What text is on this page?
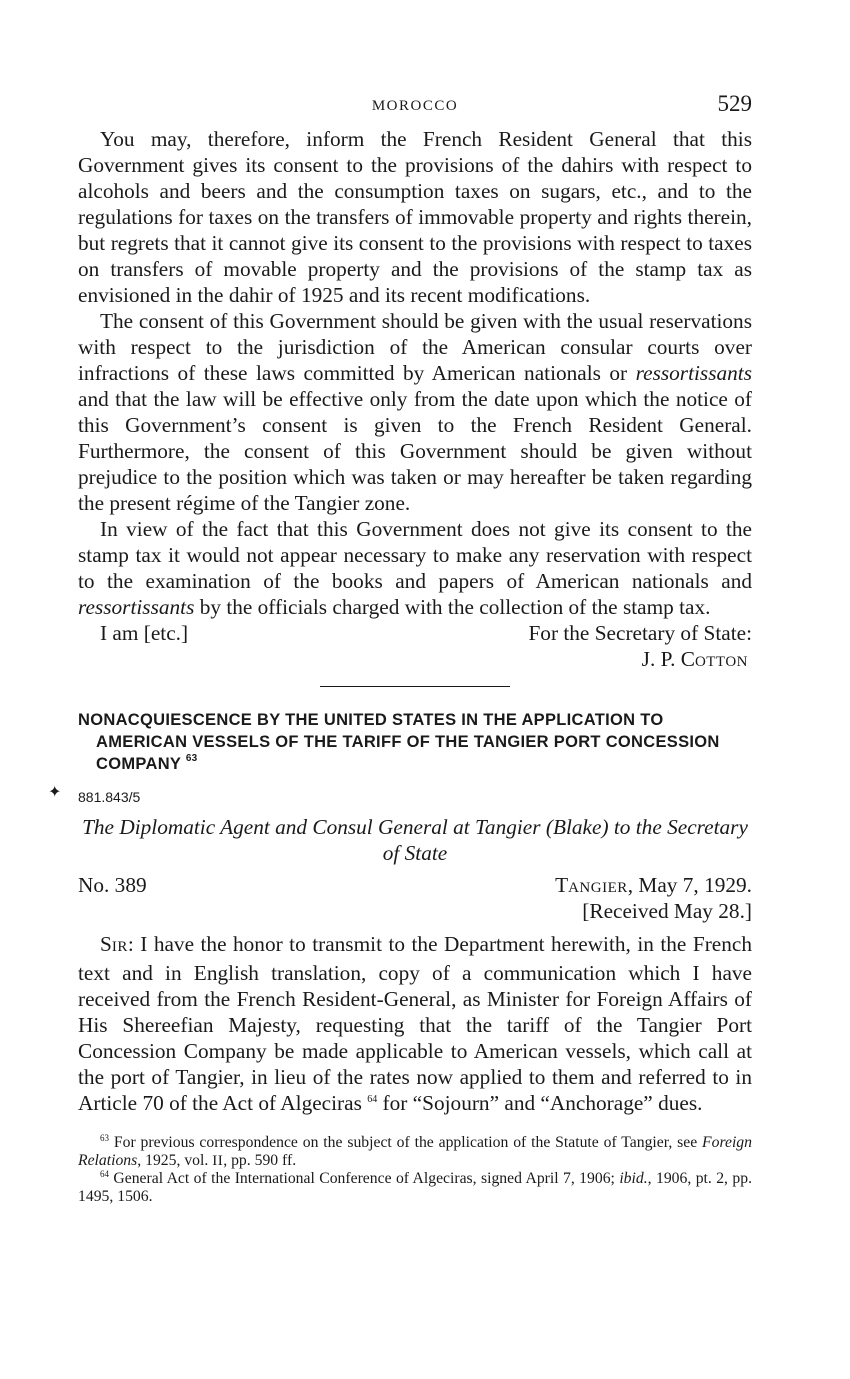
MOROCCO	529

You may, therefore, inform the French Resident General that this Government gives its consent to the provisions of the dahirs with respect to alcohols and beers and the consumption taxes on sugars, etc., and to the regulations for taxes on the transfers of immovable property and rights therein, but regrets that it cannot give its consent to the provisions with respect to taxes on transfers of movable property and the provisions of the stamp tax as envisioned in the dahir of 1925 and its recent modifications.

The consent of this Government should be given with the usual reservations with respect to the jurisdiction of the American consular courts over infractions of these laws committed by American nationals or ressortissants and that the law will be effective only from the date upon which the notice of this Government’s consent is given to the French Resident General. Furthermore, the consent of this Government should be given without prejudice to the position which was taken or may hereafter be taken regarding the present régime of the Tangier zone.

In view of the fact that this Government does not give its consent to the stamp tax it would not appear necessary to make any reservation with respect to the examination of the books and papers of American nationals and ressortissants by the officials charged with the collection of the stamp tax.

I am [etc.]	For the Secretary of State:
J. P. COTTON
NONACQUIESCENCE BY THE UNITED STATES IN THE APPLICATION TO AMERICAN VESSELS OF THE TARIFF OF THE TANGIER PORT CONCESSION COMPANY $^{63}$
✦ 881.843/5
The Diplomatic Agent and Consul General at Tangier (Blake) to the Secretary of State
No. 389	TANGIER, May 7, 1929.
[Received May 28.]

SIR: I have the honor to transmit to the Department herewith, in the French text and in English translation, copy of a communication which I have received from the French Resident-General, as Minister for Foreign Affairs of His Shereefian Majesty, requesting that the tariff of the Tangier Port Concession Company be made applicable to American vessels, which call at the port of Tangier, in lieu of the rates now applied to them and referred to in Article 70 of the Act of Algeciras $^{64}$ for “Sojourn” and “Anchorage” dues.

$^{63}$ For previous correspondence on the subject of the application of the Statute of Tangier, see Foreign Relations, 1925, vol. II, pp. 590 ff.

$^{64}$ General Act of the International Conference of Algeciras, signed April 7, 1906; ibid., 1906, pt. 2, pp. 1495, 1506.
